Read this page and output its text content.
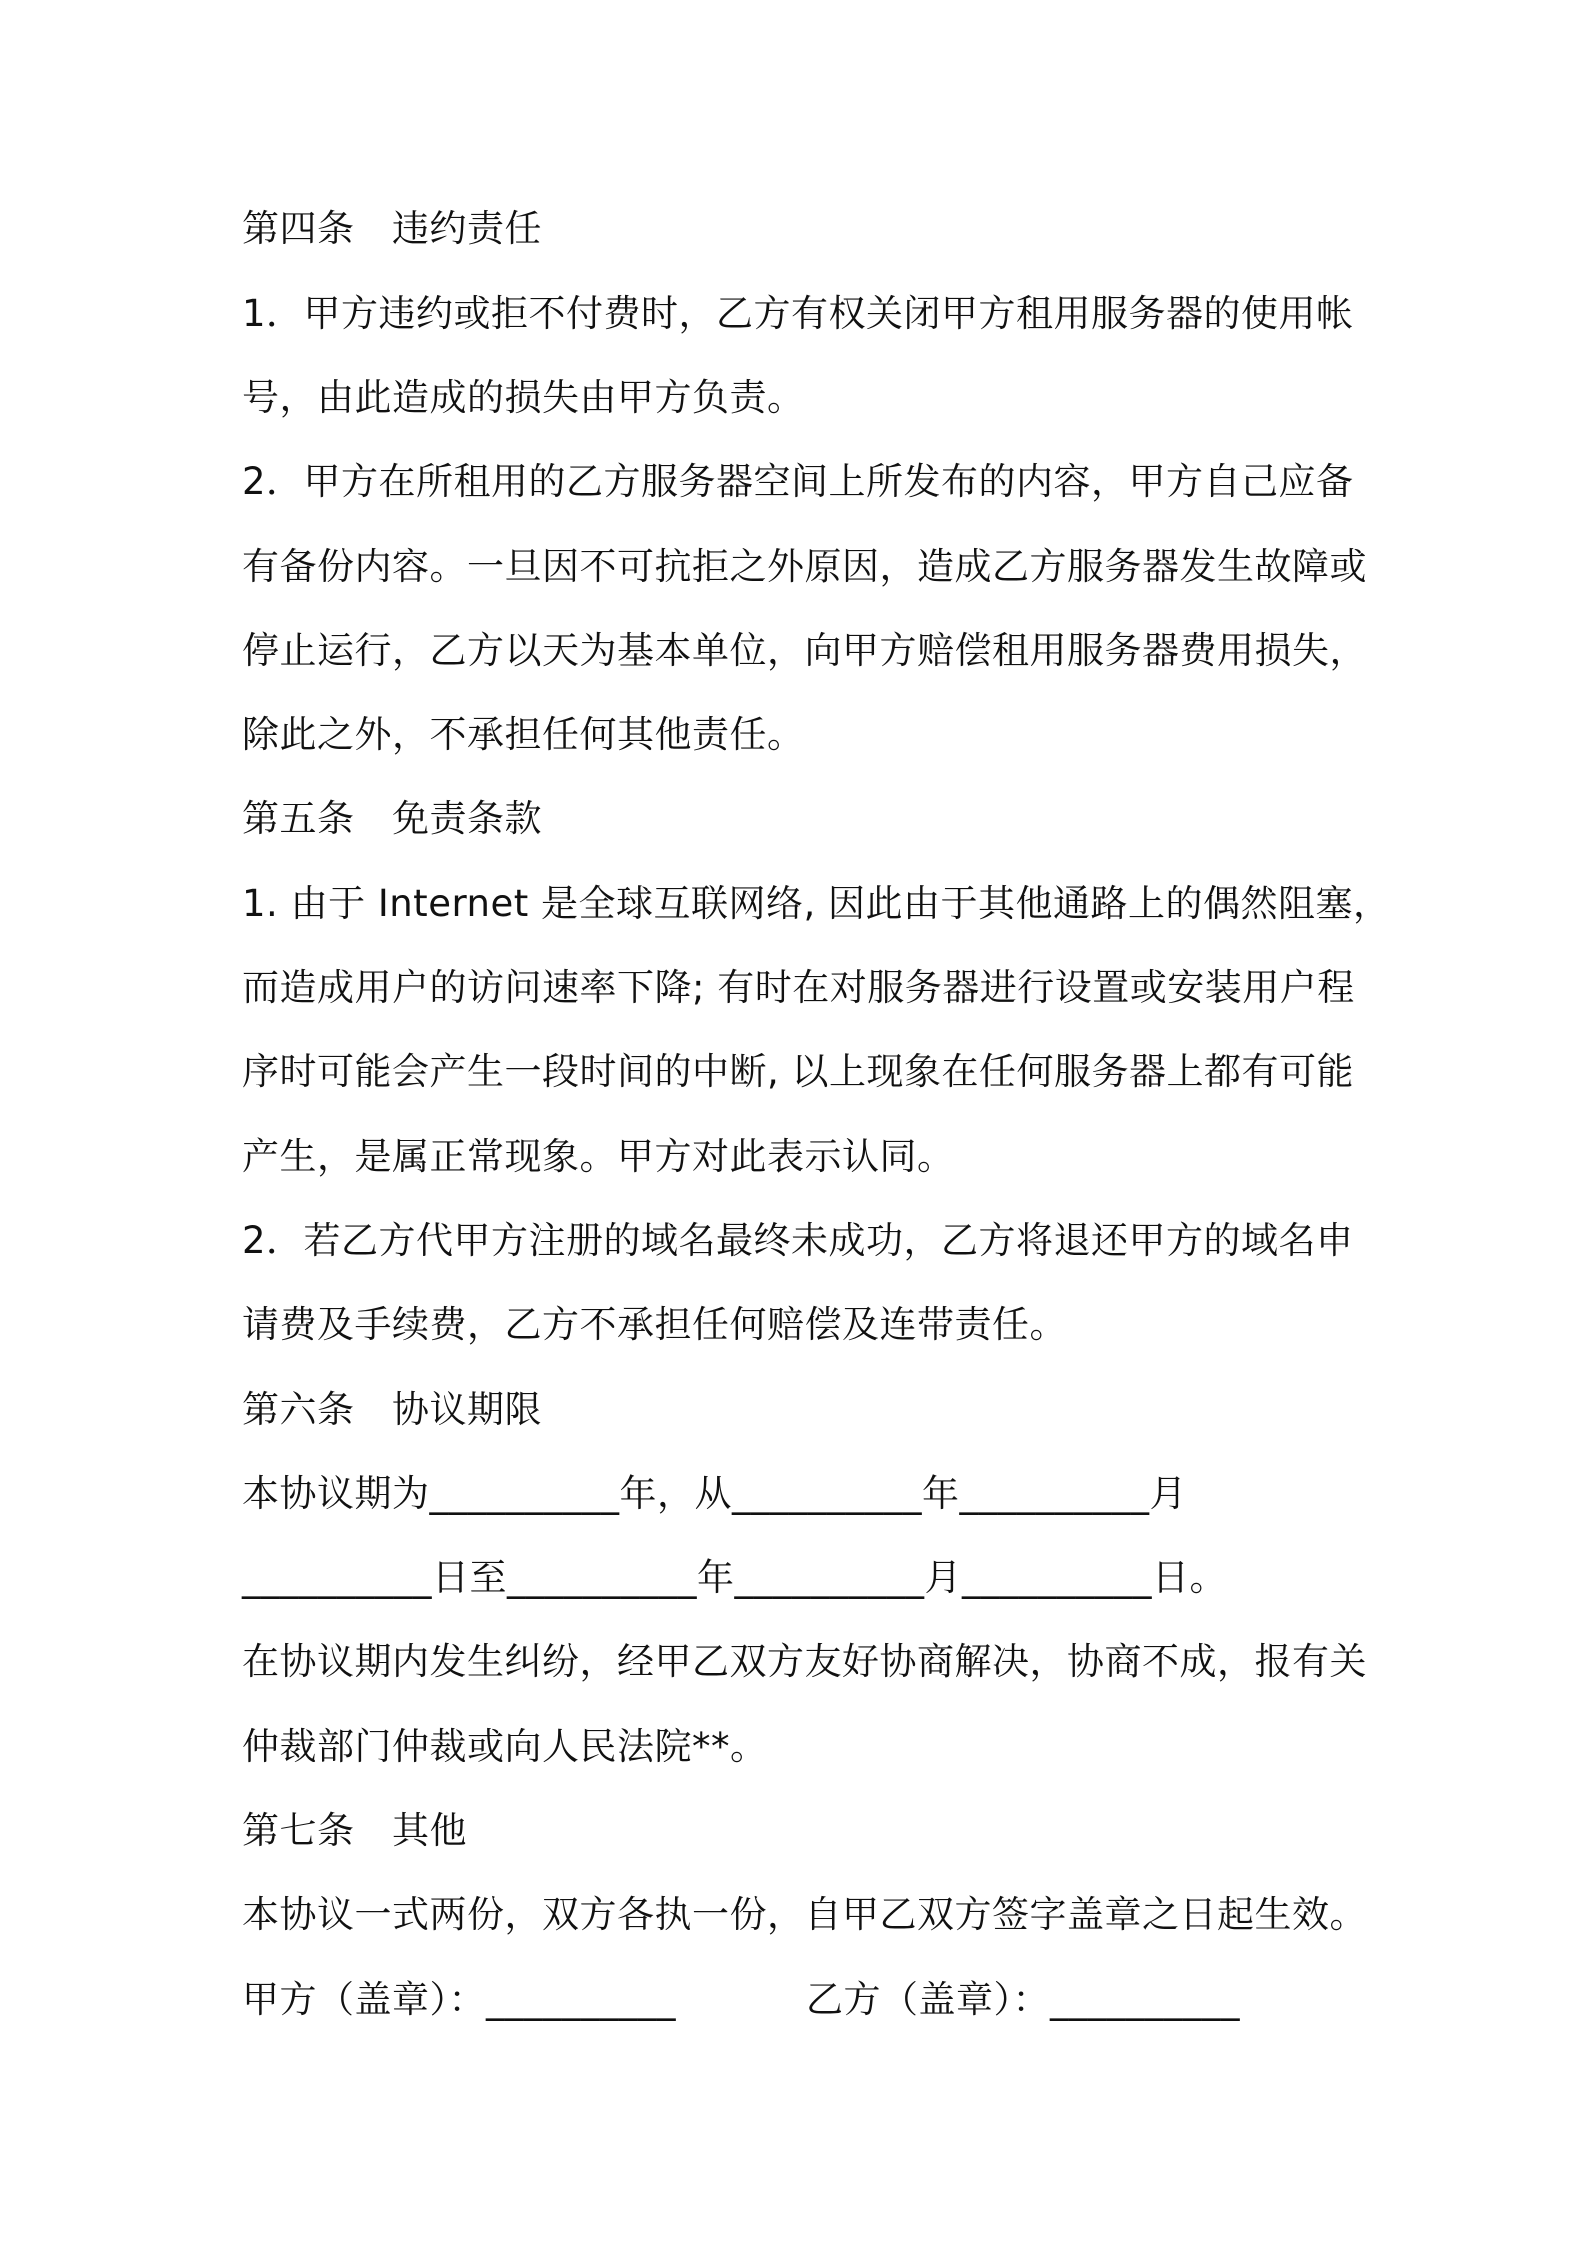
第四条　违约责任
1．甲方违约或拒不付费时，乙方有权关闭甲方租用服务器的使用帐
号，由此造成的损失由甲方负责。
2．甲方在所租用的乙方服务器空间上所发布的内容，甲方自己应备
有备份内容。一旦因不可抗拒之外原因，造成乙方服务器发生故障或
停止运行，乙方以天为基本单位，向甲方赔偿租用服务器费用损失，
除此之外，不承担任何其他责任。
第五条　免责条款
1. 由于 Internet 是全球互联网络, 因此由于其他通路上的偶然阻塞，
而造成用户的访问速率下降; 有时在对服务器进行设置或安装用户程
序时可能会产生一段时间的中断, 以上现象在任何服务器上都有可能
产生，是属正常现象。甲方对此表示认同。
2．若乙方代甲方注册的域名最终未成功，乙方将退还甲方的域名申
请费及手续费，乙方不承担任何赔偿及连带责任。
第六条　协议期限
本协议期为__________年，从__________年__________月
__________日至__________年__________月__________日。
在协议期内发生纠纷，经甲乙双方友好协商解决，协商不成，报有关
仲裁部门仲裁或向人民法院**。
第七条　其他
本协议一式两份，双方各执一份，自甲乙双方签字盖章之日起生效。
甲方（盖章）：__________	乙方（盖章）：__________
